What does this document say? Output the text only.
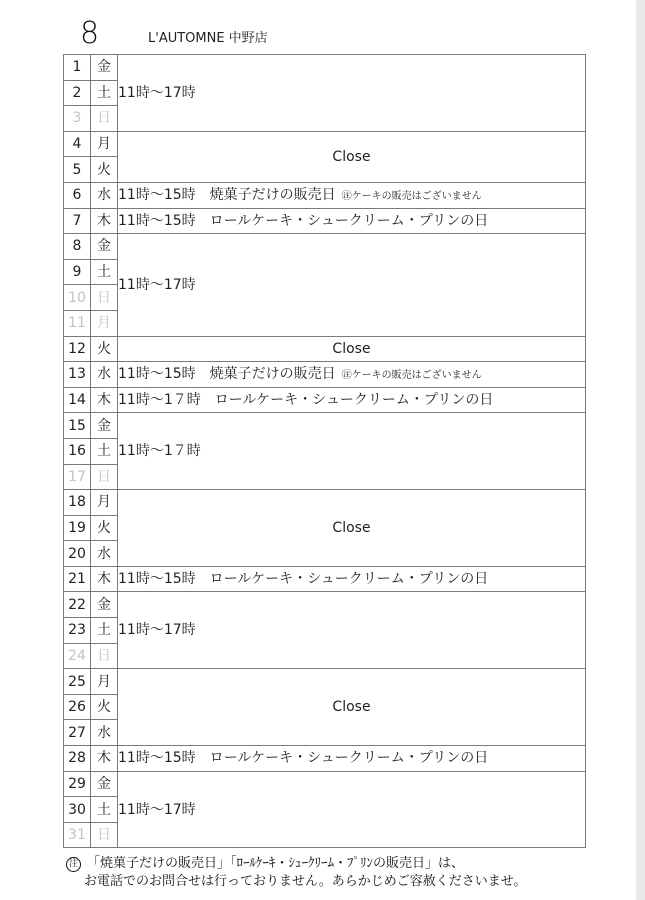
8	L'AUTOMNE 中野店
1	金	11時〜17時
2	土	
3	日	
4	月	Close
5	火	
6	水	11時〜15時 焼菓子だけの販売日 ㊟ケーキの販売はございません
7	木	11時〜15時 ロールケーキ・シュークリーム・プリンの日
8	金	11時〜17時
9	土	
10	日	
11	月	
12	火	Close
13	水	11時〜15時 焼菓子だけの販売日 ㊟ケーキの販売はございません
14	木	11時〜1７時 ロールケーキ・シュークリーム・プリンの日
15	金	11時〜1７時
16	土	
17	日	
18	月	Close
19	火	
20	水	
21	木	11時〜15時 ロールケーキ・シュークリーム・プリンの日
22	金	11時〜17時
23	土	
24	日	
25	月	Close
26	火	
27	水	
28	木	11時〜15時 ロールケーキ・シュークリーム・プリンの日
29	金	11時〜17時
30	土	
31	日	
注 「焼菓子だけの販売日」「ﾛｰﾙｹｰｷ・ｼｭｰｸﾘｰﾑ・ﾌﾟﾘﾝの販売日」は、
お電話でのお問合せは行っておりません。あらかじめご容赦くださいませ。
